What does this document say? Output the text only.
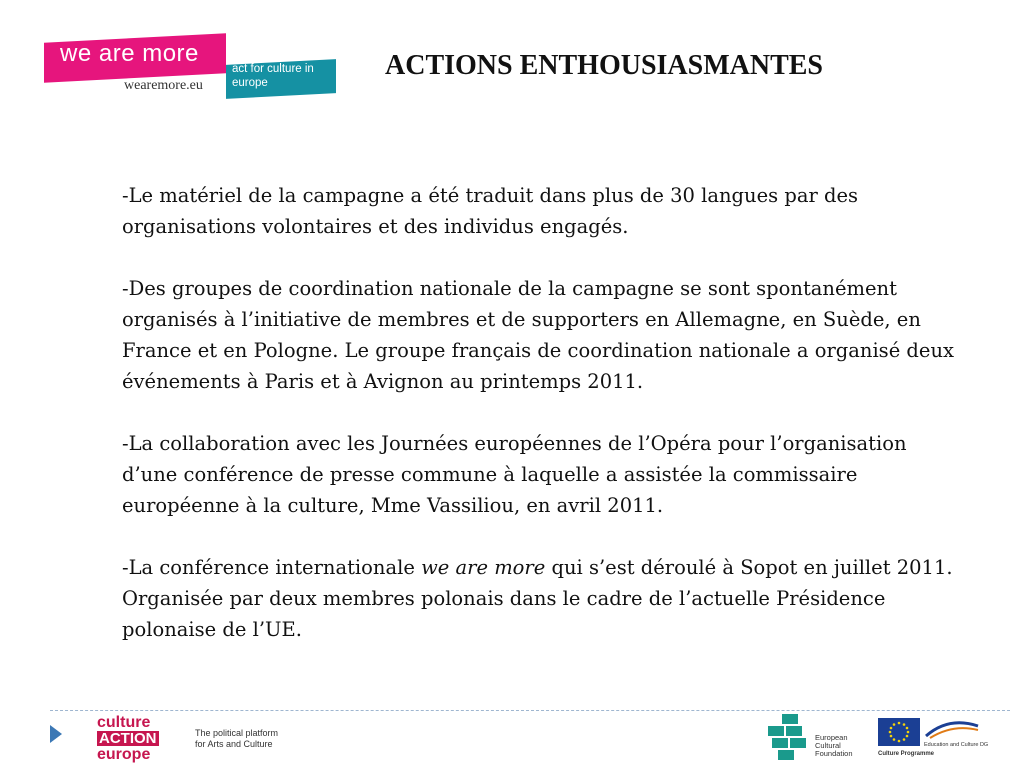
we are more
wearemore.eu
act for culture in europe
ACTIONS ENTHOUSIASMANTES

-Le matériel de la campagne a été traduit dans plus de 30 langues par des organisations volontaires et des individus engagés.

-Des groupes de coordination nationale de la campagne se sont spontanément organisés à l’initiative de membres et de supporters en Allemagne, en Suède, en France et en Pologne. Le groupe français de coordination nationale a organisé deux événements à Paris et à Avignon au printemps 2011.

-La collaboration avec les Journées européennes de l’Opéra pour l’organisation d’une conférence de presse commune à laquelle a assistée la commissaire européenne à la culture, Mme Vassiliou, en avril 2011.

-La conférence internationale we are more qui s’est déroulé à Sopot en juillet 2011. Organisée par deux membres polonais dans le cadre de l’actuelle Présidence polonaise de l’UE.

culture
ACTION
europe
The political platform for Arts and Culture
European Cultural Foundation
Education and Culture DG
Culture Programme
